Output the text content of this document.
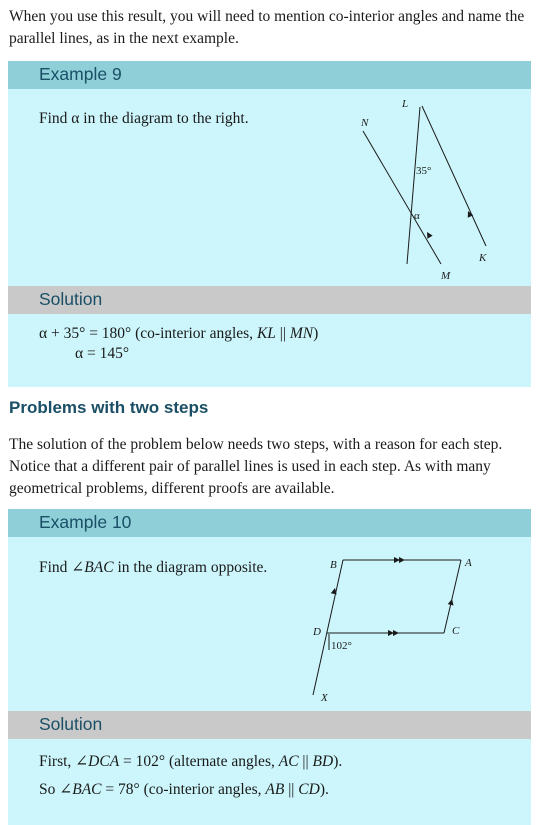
When you use this result, you will need to mention co-interior angles and name the parallel lines, as in the next example.

Example 9
Find α in the diagram to the right.
L
N
K
M
35°
α
Solution
α + 35° = 180° (co-interior angles, KL || MN)
α = 145°
Problems with two steps

The solution of the problem below needs two steps, with a reason for each step. Notice that a different pair of parallel lines is used in each step. As with many geometrical problems, different proofs are available.

Example 10
Find ∠BAC in the diagram opposite.	B	A
C
D
X
102°
Solution
First, ∠DCA = 102° (alternate angles, AC || BD).
So ∠BAC = 78° (co-interior angles, AB || CD).
